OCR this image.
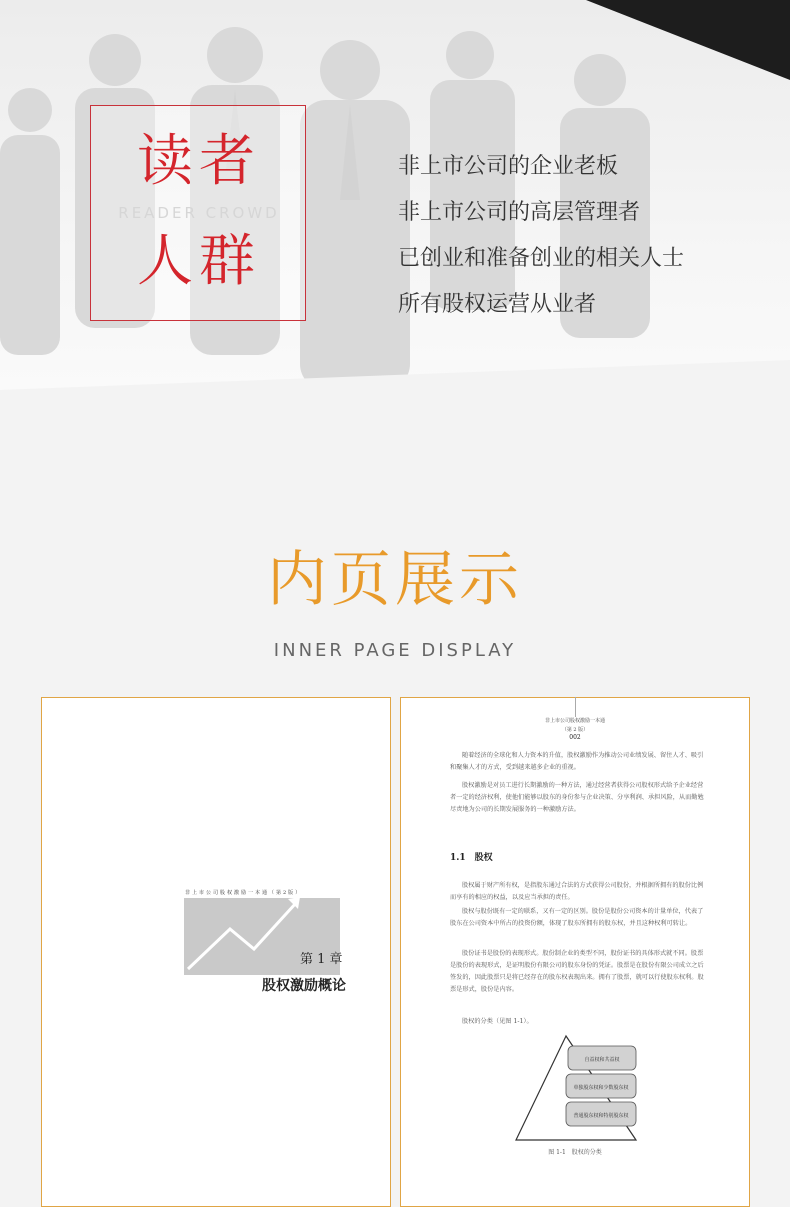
读者
READER CROWD
人群
非上市公司的企业老板
非上市公司的高层管理者
已创业和准备创业的相关人士
所有股权运营从业者
内页展示
INNER PAGE DISPLAY
非上市公司股权激励一本通（第2版）
第 1 章
股权激励概论
非上市公司股权激励一本通
（第 2 版）
002

随着经济的全球化和人力资本的升值，股权激励作为推动公司业绩发展、留住人才、吸引和聚集人才的方式，受到越来越多企业的重视。

股权激励是对员工进行长期激励的一种方法，通过经营者获得公司股权形式给予企业经营者一定的经济权利，使他们能够以股东的身份参与企业决策、分享利润、承担风险，从而勤勉尽责地为公司的长期发展服务的一种激励方法。

1.1　股权

股权属于财产所有权，是指股东通过合法的方式获得公司股份，并根据所拥有的股份比例而享有的相应的权益，以及应当承担的责任。

股权与股份既有一定的联系，又有一定的区别。股份是股份公司资本的计量单位，代表了股东在公司资本中所占的投资份额，体现了股东所拥有的股东权，并且这种权利可转让。

股份证书是股份的表现形式。股份制企业的类型不同，股份证书的具体形式就不同。股票是股份的表现形式，是证明股份有限公司的股东身份的凭证。股票是在股份有限公司成立之后签发的，因此股票只是将已经存在的股东权表现出来。拥有了股票，就可以行使股东权利。股票是形式，股份是内容。

股权的分类（见图 1-1）。

自益权和共益权
单独股东权和少数股东权
普通股东权和特别股东权
图 1-1　股权的分类
